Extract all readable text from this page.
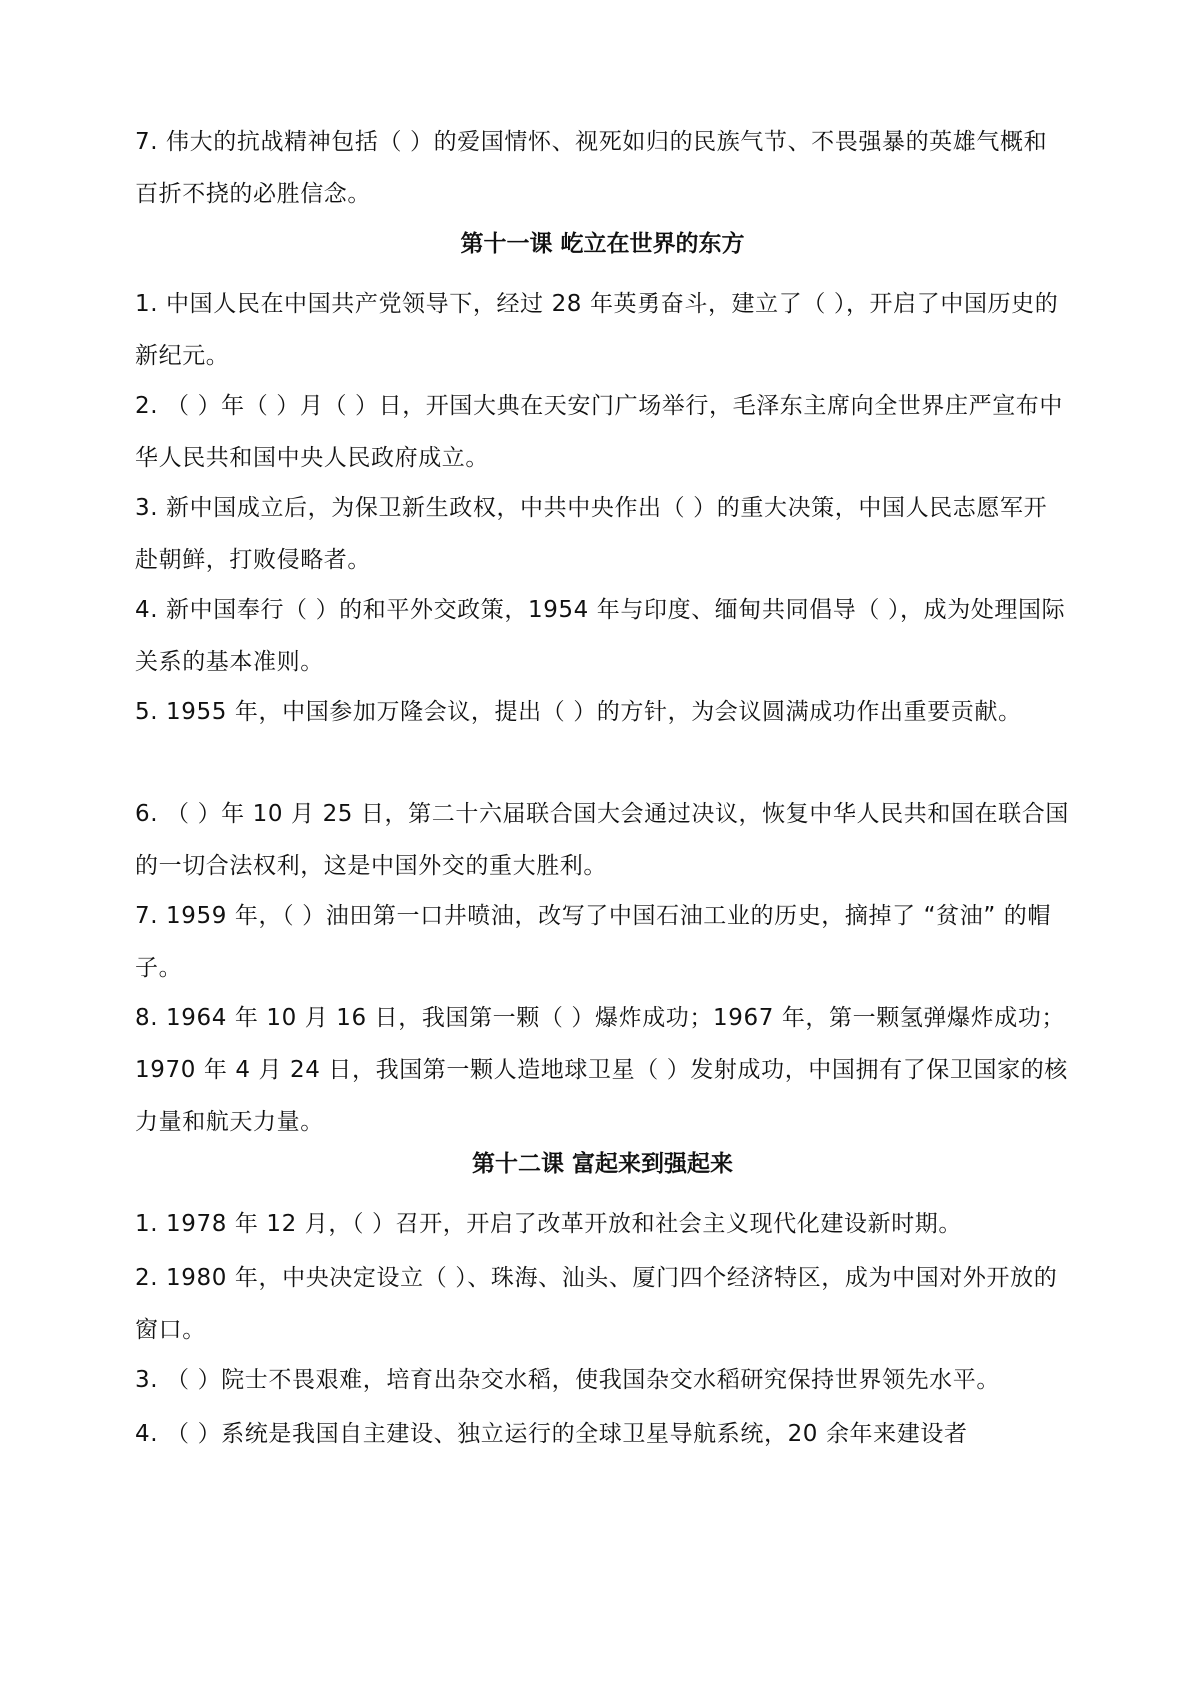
7. 伟大的抗战精神包括（ ）的爱国情怀、视死如归的民族气节、不畏强暴的英雄气概和百折不挠的必胜信念。

第十一课 屹立在世界的东方

1. 中国人民在中国共产党领导下，经过 28 年英勇奋斗，建立了（ ），开启了中国历史的新纪元。

2. （ ）年（ ）月（ ）日，开国大典在天安门广场举行，毛泽东主席向全世界庄严宣布中华人民共和国中央人民政府成立。

3. 新中国成立后，为保卫新生政权，中共中央作出（ ）的重大决策，中国人民志愿军开赴朝鲜，打败侵略者。

4. 新中国奉行（ ）的和平外交政策，1954 年与印度、缅甸共同倡导（ ），成为处理国际关系的基本准则。

5. 1955 年，中国参加万隆会议，提出（ ）的方针，为会议圆满成功作出重要贡献。

6. （ ）年 10 月 25 日，第二十六届联合国大会通过决议，恢复中华人民共和国在联合国的一切合法权利，这是中国外交的重大胜利。

7. 1959 年，（ ）油田第一口井喷油，改写了中国石油工业的历史，摘掉了 “贫油” 的帽子。

8. 1964 年 10 月 16 日，我国第一颗（ ）爆炸成功；1967 年，第一颗氢弹爆炸成功；1970 年 4 月 24 日，我国第一颗人造地球卫星（ ）发射成功，中国拥有了保卫国家的核力量和航天力量。

第十二课 富起来到强起来

1. 1978 年 12 月，（ ）召开，开启了改革开放和社会主义现代化建设新时期。

2. 1980 年，中央决定设立（ ）、珠海、汕头、厦门四个经济特区，成为中国对外开放的窗口。

3. （ ）院士不畏艰难，培育出杂交水稻，使我国杂交水稻研究保持世界领先水平。

4. （ ）系统是我国自主建设、独立运行的全球卫星导航系统，20 余年来建设者
